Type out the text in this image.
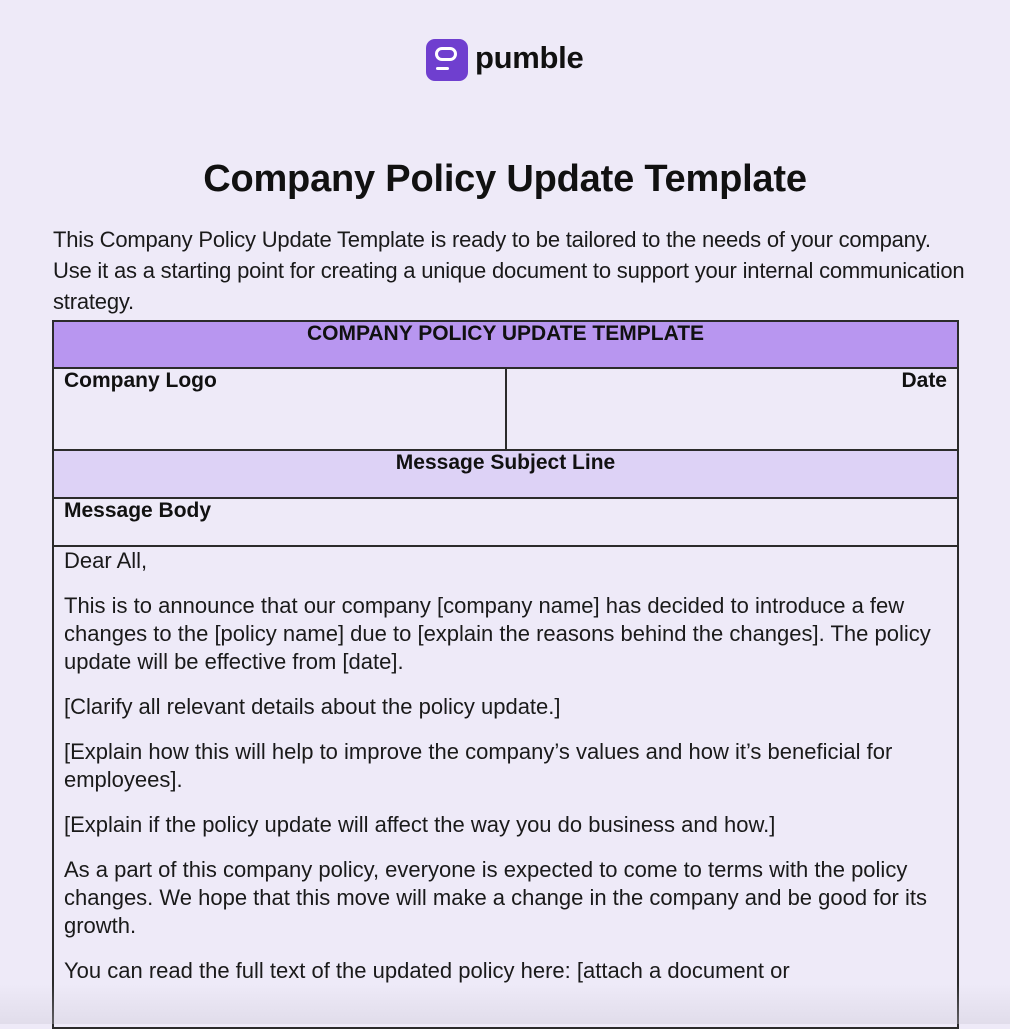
pumble
Company Policy Update Template

This Company Policy Update Template is ready to be tailored to the needs of your company. Use it as a starting point for creating a unique document to support your internal communication strategy.

COMPANY POLICY UPDATE TEMPLATE
Company Logo	Date
Message Subject Line
Message Body

Dear All,

This is to announce that our company [company name] has decided to introduce a few changes to the [policy name] due to [explain the reasons behind the changes]. The policy update will be effective from [date].

[Clarify all relevant details about the policy update.]

[Explain how this will help to improve the company’s values and how it’s beneficial for employees].

[Explain if the policy update will affect the way you do business and how.]

As a part of this company policy, everyone is expected to come to terms with the policy changes. We hope that this move will make a change in the company and be good for its growth.

You can read the full text of the updated policy here: [attach a document or
